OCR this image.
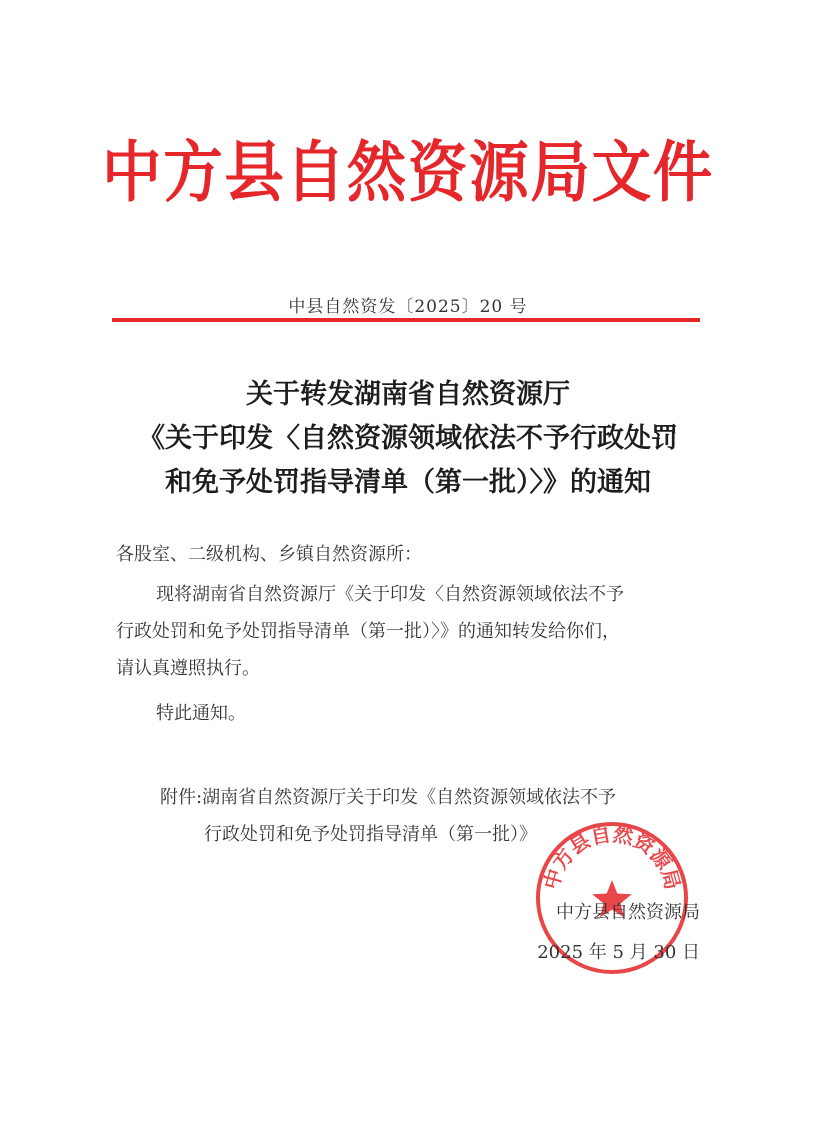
中方县自然资源局文件
中县自然资发〔2025〕20 号
关于转发湖南省自然资源厅
《关于印发〈自然资源领域依法不予行政处罚
和免予处罚指导清单（第一批）〉》的通知
各股室、二级机构、乡镇自然资源所：
现将湖南省自然资源厅《关于印发〈自然资源领域依法不予
行政处罚和免予处罚指导清单（第一批）〉》的通知转发给你们，
请认真遵照执行。
特此通知。
附件:湖南省自然资源厅关于印发《自然资源领域依法不予
行政处罚和免予处罚指导清单（第一批）》
中方县自然资源局
中方县自然资源局
2025 年 5 月 30 日
